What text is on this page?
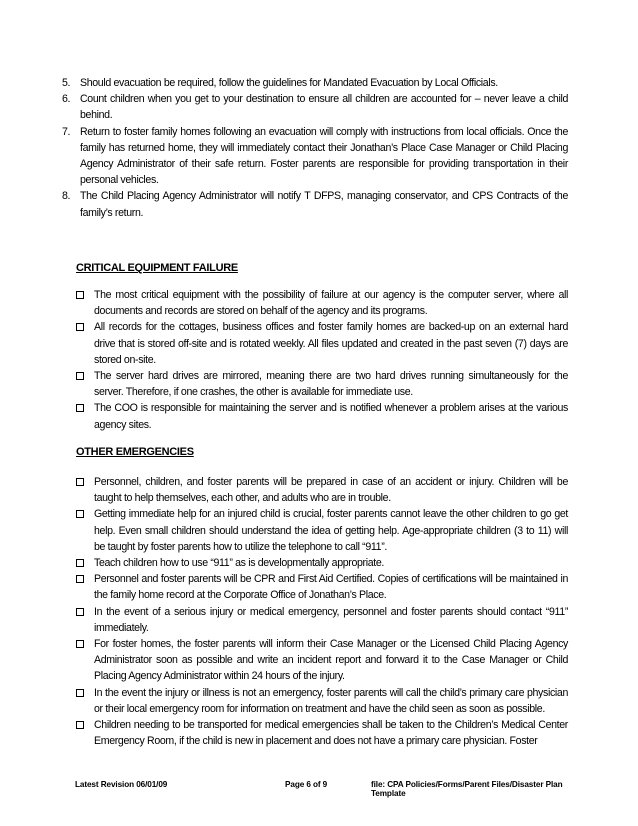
5. Should evacuation be required, follow the guidelines for Mandated Evacuation by Local Officials.
6. Count children when you get to your destination to ensure all children are accounted for – never leave a child behind.
7. Return to foster family homes following an evacuation will comply with instructions from local officials. Once the family has returned home, they will immediately contact their Jonathan’s Place Case Manager or Child Placing Agency Administrator of their safe return. Foster parents are responsible for providing transportation in their personal vehicles.
8. The Child Placing Agency Administrator will notify T DFPS, managing conservator, and CPS Contracts of the family’s return.
CRITICAL EQUIPMENT FAILURE
The most critical equipment with the possibility of failure at our agency is the computer server, where all documents and records are stored on behalf of the agency and its programs.
All records for the cottages, business offices and foster family homes are backed-up on an external hard drive that is stored off-site and is rotated weekly. All files updated and created in the past seven (7) days are stored on-site.
The server hard drives are mirrored, meaning there are two hard drives running simultaneously for the server. Therefore, if one crashes, the other is available for immediate use.
The COO is responsible for maintaining the server and is notified whenever a problem arises at the various agency sites.
OTHER EMERGENCIES
Personnel, children, and foster parents will be prepared in case of an accident or injury. Children will be taught to help themselves, each other, and adults who are in trouble.
Getting immediate help for an injured child is crucial, foster parents cannot leave the other children to go get help. Even small children should understand the idea of getting help. Age-appropriate children (3 to 11) will be taught by foster parents how to utilize the telephone to call “911”.
Teach children how to use “911” as is developmentally appropriate.
Personnel and foster parents will be CPR and First Aid Certified. Copies of certifications will be maintained in the family home record at the Corporate Office of Jonathan’s Place.
In the event of a serious injury or medical emergency, personnel and foster parents should contact “911” immediately.
For foster homes, the foster parents will inform their Case Manager or the Licensed Child Placing Agency Administrator soon as possible and write an incident report and forward it to the Case Manager or Child Placing Agency Administrator within 24 hours of the injury.
In the event the injury or illness is not an emergency, foster parents will call the child’s primary care physician or their local emergency room for information on treatment and have the child seen as soon as possible.
Children needing to be transported for medical emergencies shall be taken to the Children’s Medical Center Emergency Room, if the child is new in placement and does not have a primary care physician. Foster
Latest Revision 06/01/09	Page 6 of 9	file: CPA Policies/Forms/Parent Files/Disaster Plan Template
